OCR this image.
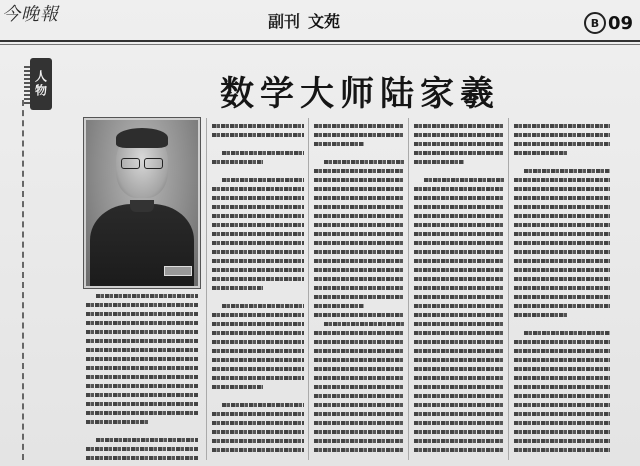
今晚報	副刊 文苑	B 09
人物	数学大师陆家羲
